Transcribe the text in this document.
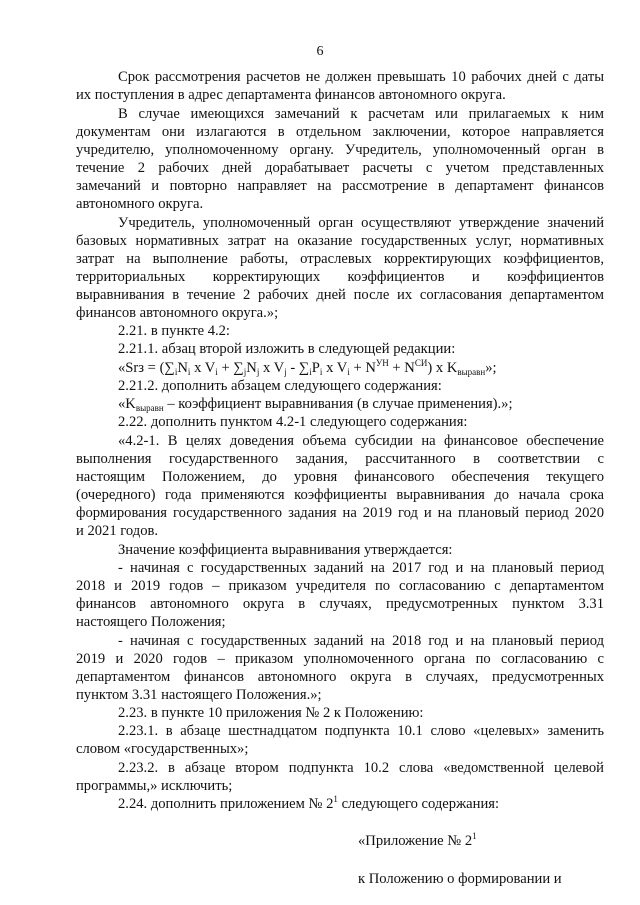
6
Срок рассмотрения расчетов не должен превышать 10 рабочих дней с даты
их поступления в адрес департамента финансов автономного округа.
В случае имеющихся замечаний к расчетам или прилагаемых к ним
документам они излагаются в отдельном заключении, которое направляется
учредителю, уполномоченному органу. Учредитель, уполномоченный орган в
течение 2 рабочих дней дорабатывает расчеты с учетом представленных
замечаний и повторно направляет на рассмотрение в департамент финансов
автономного округа.
Учредитель, уполномоченный орган осуществляют утверждение значений
базовых нормативных затрат на оказание государственных услуг, нормативных
затрат на выполнение работы, отраслевых корректирующих коэффициентов,
территориальных корректирующих коэффициентов и коэффициентов
выравнивания в течение 2 рабочих дней после их согласования департаментом
финансов автономного округа.»;
2.21. в пункте 4.2:
2.21.1. абзац второй изложить в следующей редакции:
«Srз = ($\sum_iN_i$ x $V_i + \sum_jN_j$ x $V_j - \sum_iP_i$ x $V_i + N^{УН} + N^{СИ}$) x $K_{выравн}$»;
2.21.2. дополнить абзацем следующего содержания:
«$K_{выравн}$ – коэффициент выравнивания (в случае применения).»;
2.22. дополнить пунктом 4.2-1 следующего содержания:
«4.2-1. В целях доведения объема субсидии на финансовое обеспечение
выполнения государственного задания, рассчитанного в соответствии с
настоящим Положением, до уровня финансового обеспечения текущего
(очередного) года применяются коэффициенты выравнивания до начала срока
формирования государственного задания на 2019 год и на плановый период 2020
и 2021 годов.
Значение коэффициента выравнивания утверждается:
- начиная с государственных заданий на 2017 год и на плановый период
2018 и 2019 годов – приказом учредителя по согласованию с департаментом
финансов автономного округа в случаях, предусмотренных пунктом 3.31
настоящего Положения;
- начиная с государственных заданий на 2018 год и на плановый период
2019 и 2020 годов – приказом уполномоченного органа по согласованию с
департаментом финансов автономного округа в случаях, предусмотренных
пунктом 3.31 настоящего Положения.»;
2.23. в пункте 10 приложения № 2 к Положению:
2.23.1. в абзаце шестнадцатом подпункта 10.1 слово «целевых» заменить
словом «государственных»;
2.23.2. в абзаце втором подпункта 10.2 слова «ведомственной целевой
программы,» исключить;
2.24. дополнить приложением № $2^1$ следующего содержания:
«Приложение № $2^1$
к Положению о формировании и
